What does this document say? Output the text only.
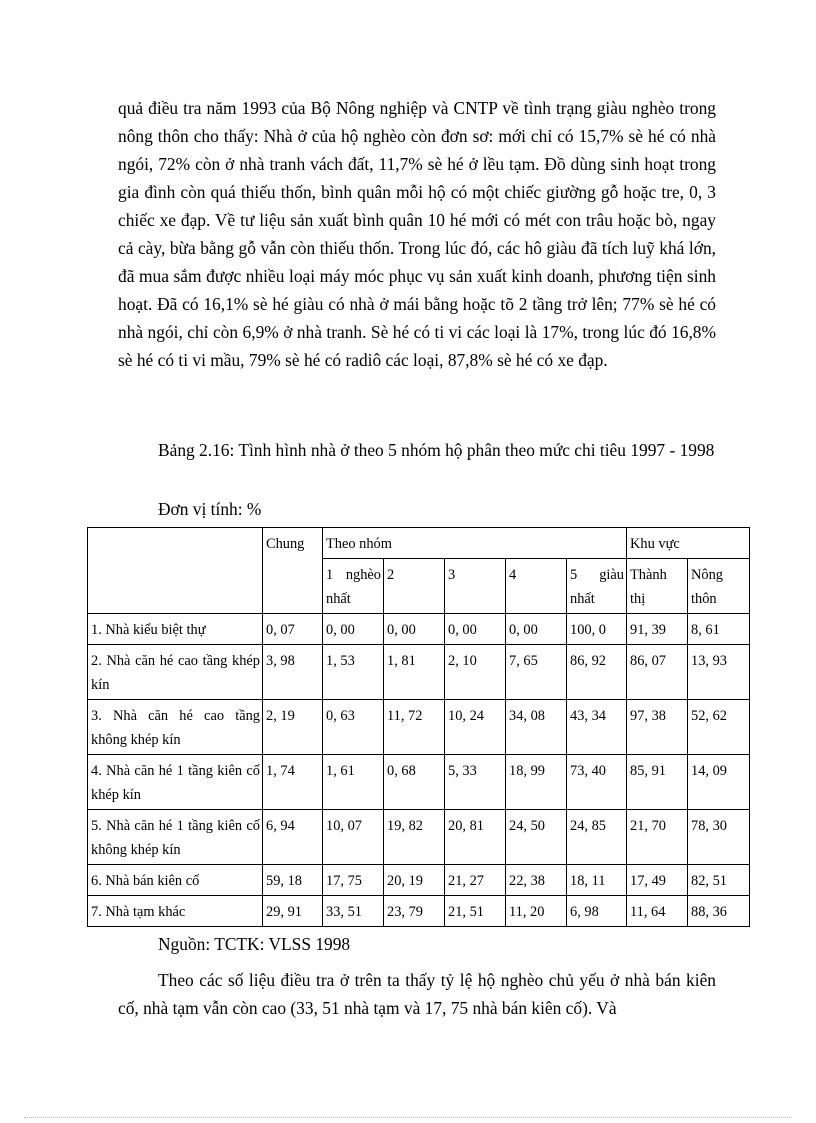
quả điều tra năm 1993 của Bộ Nông nghiệp và CNTP về tình trạng giàu nghèo trong nông thôn cho thấy: Nhà ở của hộ nghèo còn đơn sơ: mới chỉ có 15,7% sè hé có nhà ngói, 72% còn ở nhà tranh vách đất, 11,7% sè hé ở lều tạm. Đồ dùng sinh hoạt trong gia đình còn quá thiếu thốn, bình quân mỗi hộ có một chiếc giường gỗ hoặc tre, 0, 3 chiếc xe đạp. Về tư liệu sản xuất bình quân 10 hé mới có mét con trâu hoặc bò, ngay cả cày, bừa bằng gỗ vẫn còn thiếu thốn. Trong lúc đó, các hô giàu đã tích luỹ khá lớn, đã mua sắm được nhiều loại máy móc phục vụ sản xuất kinh doanh, phương tiện sinh hoạt. Đã có 16,1% sè hé giàu có nhà ở mái bằng hoặc tõ 2 tầng trở lên; 77% sè hé có nhà ngói, chỉ còn 6,9% ở nhà tranh. Sè hé có ti vi các loại là 17%, trong lúc đó 16,8% sè hé có ti vi mầu, 79% sè hé có radiô các loại, 87,8% sè hé có xe đạp.
Bảng 2.16: Tình hình nhà ở theo 5 nhóm hộ phân theo mức chi tiêu 1997 - 1998
Đơn vị tính: %
	Chung	Theo nhóm					Khu vực	
		1 nghèo nhất	2	3	4	5 giàu nhất	Thành thị	Nông thôn
1. Nhà kiểu biệt thự	0, 07	0, 00	0, 00	0, 00	0, 00	100, 0	91, 39	8, 61
2. Nhà căn hé cao tầng khép kín	3, 98	1, 53	1, 81	2, 10	7, 65	86, 92	86, 07	13, 93
3. Nhà căn hé cao tầng không khép kín	2, 19	0, 63	11, 72	10, 24	34, 08	43, 34	97, 38	52, 62
4. Nhà căn hé 1 tầng kiên cố khép kín	1, 74	1, 61	0, 68	5, 33	18, 99	73, 40	85, 91	14, 09
5. Nhà căn hé 1 tầng kiên cố không khép kín	6, 94	10, 07	19, 82	20, 81	24, 50	24, 85	21, 70	78, 30
6. Nhà bán kiên cố	59, 18	17, 75	20, 19	21, 27	22, 38	18, 11	17, 49	82, 51
7. Nhà tạm khác	29, 91	33, 51	23, 79	21, 51	11, 20	6, 98	11, 64	88, 36
Nguồn: TCTK: VLSS 1998
Theo các số liệu điều tra ở trên ta thấy tỷ lệ hộ nghèo chủ yếu ở nhà bán kiên cố, nhà tạm vẫn còn cao (33, 51 nhà tạm và 17, 75 nhà bán kiên cố). Và
